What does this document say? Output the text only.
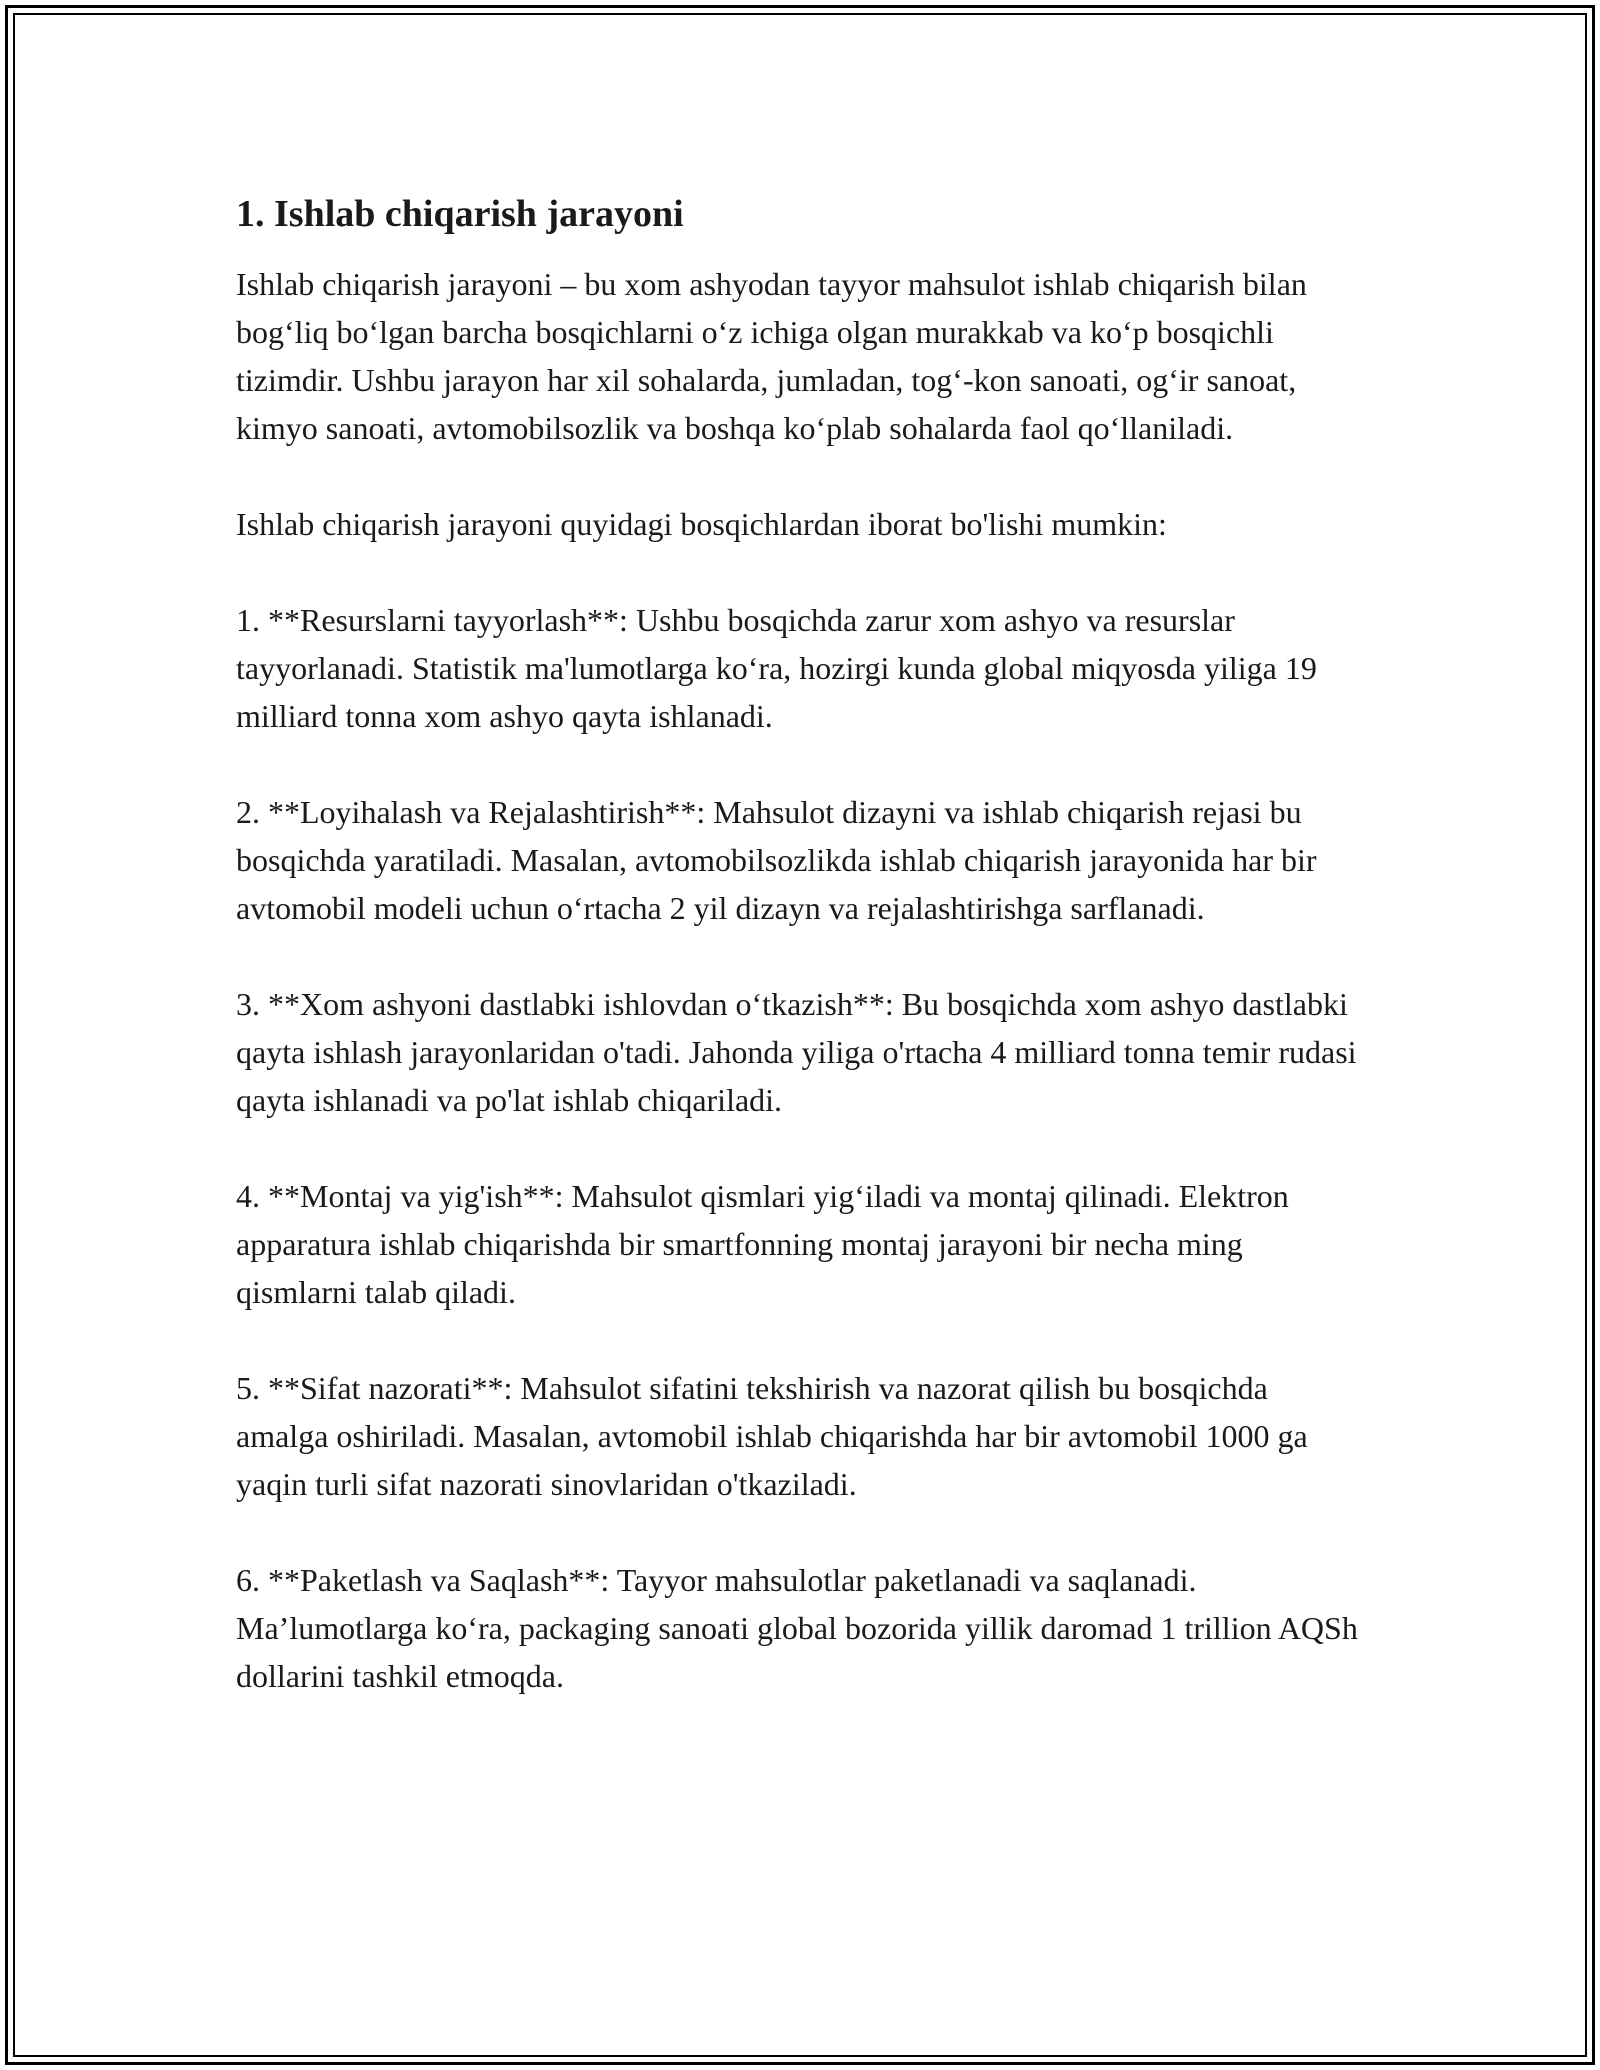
1. Ishlab chiqarish jarayoni

Ishlab chiqarish jarayoni – bu xom ashyodan tayyor mahsulot ishlab chiqarish bilan bog‘liq bo‘lgan barcha bosqichlarni o‘z ichiga olgan murakkab va ko‘p bosqichli tizimdir. Ushbu jarayon har xil sohalarda, jumladan, tog‘-kon sanoati, og‘ir sanoat, kimyo sanoati, avtomobilsozlik va boshqa ko‘plab sohalarda faol qo‘llaniladi.

Ishlab chiqarish jarayoni quyidagi bosqichlardan iborat bo'lishi mumkin:

1. **Resurslarni tayyorlash**: Ushbu bosqichda zarur xom ashyo va resurslar tayyorlanadi. Statistik ma'lumotlarga ko‘ra, hozirgi kunda global miqyosda yiliga 19 milliard tonna xom ashyo qayta ishlanadi.

2. **Loyihalash va Rejalashtirish**: Mahsulot dizayni va ishlab chiqarish rejasi bu bosqichda yaratiladi. Masalan, avtomobilsozlikda ishlab chiqarish jarayonida har bir avtomobil modeli uchun o‘rtacha 2 yil dizayn va rejalashtirishga sarflanadi.

3. **Xom ashyoni dastlabki ishlovdan o‘tkazish**: Bu bosqichda xom ashyo dastlabki qayta ishlash jarayonlaridan o'tadi. Jahonda yiliga o'rtacha 4 milliard tonna temir rudasi qayta ishlanadi va po'lat ishlab chiqariladi.

4. **Montaj va yig'ish**: Mahsulot qismlari yig‘iladi va montaj qilinadi. Elektron apparatura ishlab chiqarishda bir smartfonning montaj jarayoni bir necha ming qismlarni talab qiladi.

5. **Sifat nazorati**: Mahsulot sifatini tekshirish va nazorat qilish bu bosqichda amalga oshiriladi. Masalan, avtomobil ishlab chiqarishda har bir avtomobil 1000 ga yaqin turli sifat nazorati sinovlaridan o'tkaziladi.

6. **Paketlash va Saqlash**: Tayyor mahsulotlar paketlanadi va saqlanadi. Ma’lumotlarga ko‘ra, packaging sanoati global bozorida yillik daromad 1 trillion AQSh dollarini tashkil etmoqda.
